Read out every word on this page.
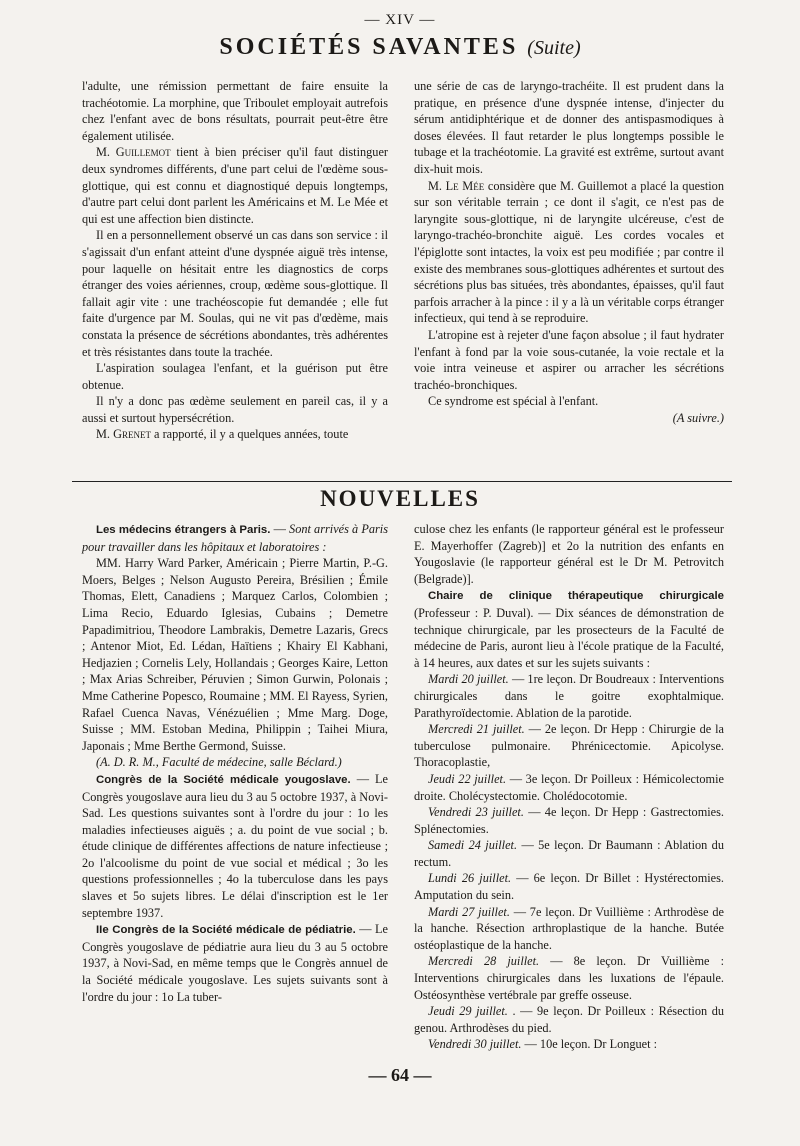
— XIV —
SOCIÉTÉS SAVANTES (Suite)

l'adulte, une rémission permettant de faire ensuite la trachéotomie. La morphine, que Triboulet employait autrefois chez l'enfant avec de bons résultats, pourrait peut-être être également utilisée.

M. Guillemot tient à bien préciser qu'il faut distinguer deux syndromes différents, d'une part celui de l'œdème sous-glottique, qui est connu et diagnostiqué depuis longtemps, d'autre part celui dont parlent les Américains et M. Le Mée et qui est une affection bien distincte.

Il en a personnellement observé un cas dans son service : il s'agissait d'un enfant atteint d'une dyspnée aiguë très intense, pour laquelle on hésitait entre les diagnostics de corps étranger des voies aériennes, croup, œdème sous-glottique. Il fallait agir vite : une trachéoscopie fut demandée ; elle fut faite d'urgence par M. Soulas, qui ne vit pas d'œdème, mais constata la présence de sécrétions abondantes, très adhérentes et très résistantes dans toute la trachée.

L'aspiration soulagea l'enfant, et la guérison put être obtenue.

Il n'y a donc pas œdème seulement en pareil cas, il y a aussi et surtout hypersécrétion.

M. Grenet a rapporté, il y a quelques années, toute

une série de cas de laryngo-trachéite. Il est prudent dans la pratique, en présence d'une dyspnée intense, d'injecter du sérum antidiphtérique et de donner des antispasmodiques à doses élevées. Il faut retarder le plus longtemps possible le tubage et la trachéotomie. La gravité est extrême, surtout avant dix-huit mois.

M. Le Mée considère que M. Guillemot a placé la question sur son véritable terrain ; ce dont il s'agit, ce n'est pas de laryngite sous-glottique, ni de laryngite ulcéreuse, c'est de laryngo-trachéo-bronchite aiguë. Les cordes vocales et l'épiglotte sont intactes, la voix est peu modifiée ; par contre il existe des membranes sous-glottiques adhérentes et surtout des sécrétions plus bas situées, très abondantes, épaisses, qu'il faut parfois arracher à la pince : il y a là un véritable corps étranger infectieux, qui tend à se reproduire.

L'atropine est à rejeter d'une façon absolue ; il faut hydrater l'enfant à fond par la voie sous-cutanée, la voie rectale et la voie intra veineuse et aspirer ou arracher les sécrétions trachéo-bronchiques.

Ce syndrome est spécial à l'enfant.

(A suivre.)

NOUVELLES

Les médecins étrangers à Paris. — Sont arrivés à Paris pour travailler dans les hôpitaux et laboratoires :

MM. Harry Ward Parker, Américain ; Pierre Martin, P.-G. Moers, Belges ; Nelson Augusto Pereira, Brésilien ; Émile Thomas, Elett, Canadiens ; Marquez Carlos, Colombien ; Lima Recio, Eduardo Iglesias, Cubains ; Demetre Papadimitriou, Theodore Lambrakis, Demetre Lazaris, Grecs ; Antenor Miot, Ed. Lédan, Haïtiens ; Khairy El Kabhani, Hedjazien ; Cornelis Lely, Hollandais ; Georges Kaire, Letton ; Max Arias Schreiber, Péruvien ; Simon Gurwin, Polonais ; Mme Catherine Popesco, Roumaine ; MM. El Rayess, Syrien, Rafael Cuenca Navas, Vénézuélien ; Mme Marg. Doge, Suisse ; MM. Estoban Medina, Philippin ; Taihei Miura, Japonais ; Mme Berthe Germond, Suisse.

(A. D. R. M., Faculté de médecine, salle Béclard.)

Congrès de la Société médicale yougoslave. — Le Congrès yougoslave aura lieu du 3 au 5 octobre 1937, à Novi-Sad. Les questions suivantes sont à l'ordre du jour : 1o les maladies infectieuses aiguës ; a. du point de vue social ; b. étude clinique de différentes affections de nature infectieuse ; 2o l'alcoolisme du point de vue social et médical ; 3o les questions professionnelles ; 4o la tuberculose dans les pays slaves et 5o sujets libres. Le délai d'inscription est le 1er septembre 1937.

IIe Congrès de la Société médicale de pédiatrie. — Le Congrès yougoslave de pédiatrie aura lieu du 3 au 5 octobre 1937, à Novi-Sad, en même temps que le Congrès annuel de la Société médicale yougoslave. Les sujets suivants sont à l'ordre du jour : 1o La tuber-

culose chez les enfants (le rapporteur général est le professeur E. Mayerhoffer (Zagreb)] et 2o la nutrition des enfants en Yougoslavie (le rapporteur général est le Dr M. Petrovitch (Belgrade)].

Chaire de clinique thérapeutique chirurgicale (Professeur : P. Duval). — Dix séances de démonstration de technique chirurgicale, par les prosecteurs de la Faculté de médecine de Paris, auront lieu à l'école pratique de la Faculté, à 14 heures, aux dates et sur les sujets suivants :

Mardi 20 juillet. — 1re leçon. Dr Boudreaux : Interventions chirurgicales dans le goitre exophtalmique. Parathyroïdectomie. Ablation de la parotide.

Mercredi 21 juillet. — 2e leçon. Dr Hepp : Chirurgie de la tuberculose pulmonaire. Phrénicectomie. Apicolyse. Thoracoplastie,

Jeudi 22 juillet. — 3e leçon. Dr Poilleux : Hémicolectomie droite. Cholécystectomie. Cholédocotomie.

Vendredi 23 juillet. — 4e leçon. Dr Hepp : Gastrectomies. Splénectomies.

Samedi 24 juillet. — 5e leçon. Dr Baumann : Ablation du rectum.

Lundi 26 juillet. — 6e leçon. Dr Billet : Hystérectomies. Amputation du sein.

Mardi 27 juillet. — 7e leçon. Dr Vuillième : Arthrodèse de la hanche. Résection arthroplastique de la hanche. Butée ostéoplastique de la hanche.

Mercredi 28 juillet. — 8e leçon. Dr Vuillième : Interventions chirurgicales dans les luxations de l'épaule. Ostéosynthèse vertébrale par greffe osseuse.

Jeudi 29 juillet. . — 9e leçon. Dr Poilleux : Résection du genou. Arthrodèses du pied.

Vendredi 30 juillet. — 10e leçon. Dr Longuet :

— 64 —
